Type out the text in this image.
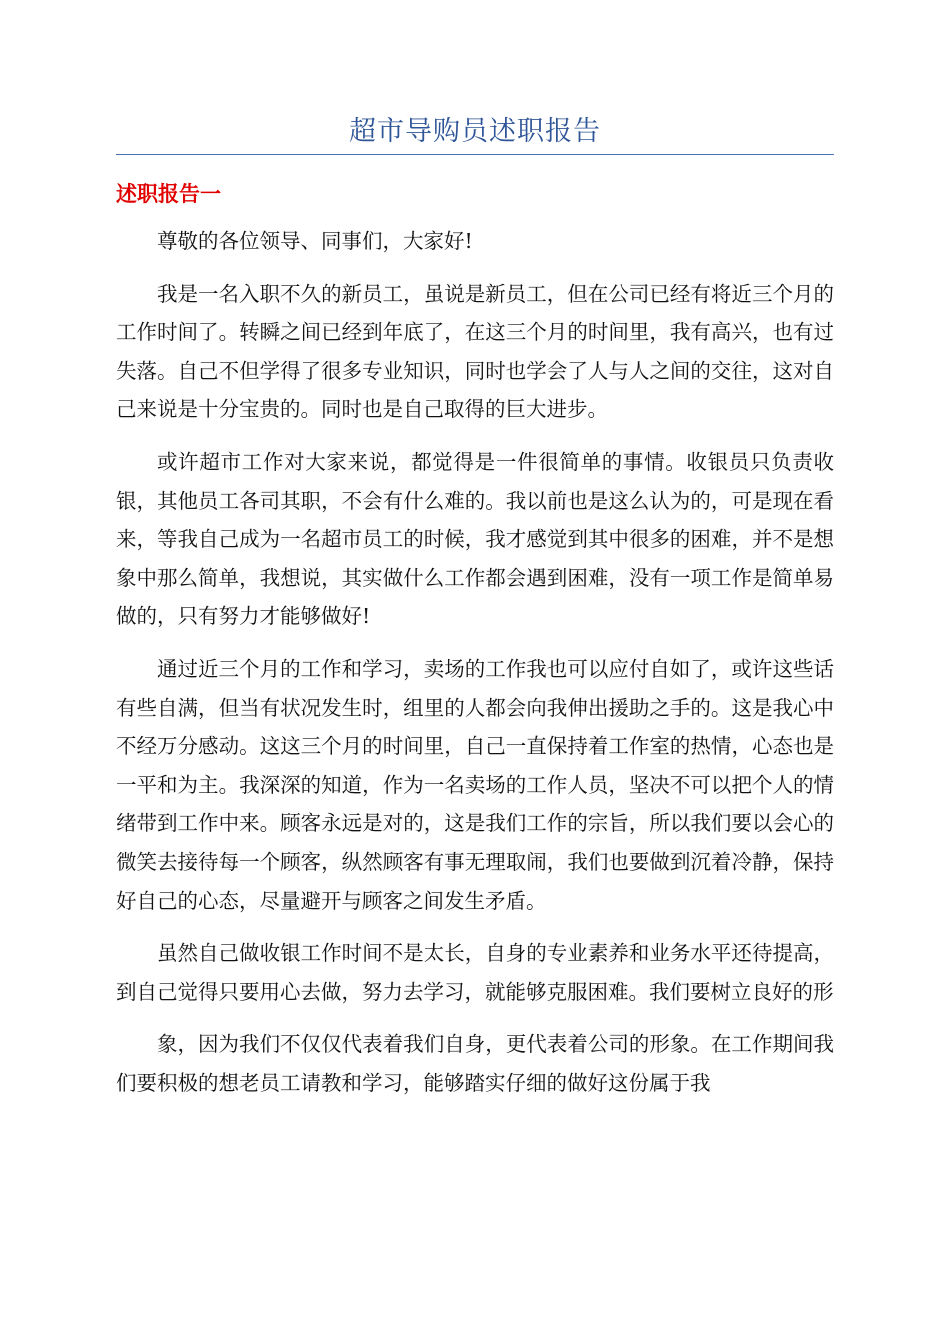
超市导购员述职报告
述职报告一

尊敬的各位领导、同事们，大家好!

我是一名入职不久的新员工，虽说是新员工，但在公司已经有将近三个月的工作时间了。转瞬之间已经到年底了，在这三个月的时间里，我有高兴，也有过失落。自己不但学得了很多专业知识，同时也学会了人与人之间的交往，这对自己来说是十分宝贵的。同时也是自己取得的巨大进步。

或许超市工作对大家来说，都觉得是一件很简单的事情。收银员只负责收银，其他员工各司其职，不会有什么难的。我以前也是这么认为的，可是现在看来，等我自己成为一名超市员工的时候，我才感觉到其中很多的困难，并不是想象中那么简单，我想说，其实做什么工作都会遇到困难，没有一项工作是简单易做的，只有努力才能够做好!

通过近三个月的工作和学习，卖场的工作我也可以应付自如了，或许这些话有些自满，但当有状况发生时，组里的人都会向我伸出援助之手的。这是我心中不经万分感动。这这三个月的时间里，自己一直保持着工作室的热情，心态也是一平和为主。我深深的知道，作为一名卖场的工作人员，坚决不可以把个人的情绪带到工作中来。顾客永远是对的，这是我们工作的宗旨，所以我们要以会心的微笑去接待每一个顾客，纵然顾客有事无理取闹，我们也要做到沉着冷静，保持好自己的心态，尽量避开与顾客之间发生矛盾。

虽然自己做收银工作时间不是太长，自身的专业素养和业务水平还待提高，到自己觉得只要用心去做，努力去学习，就能够克服困难。我们要树立良好的形

象，因为我们不仅仅代表着我们自身，更代表着公司的形象。在工作期间我们要积极的想老员工请教和学习，能够踏实仔细的做好这份属于我
